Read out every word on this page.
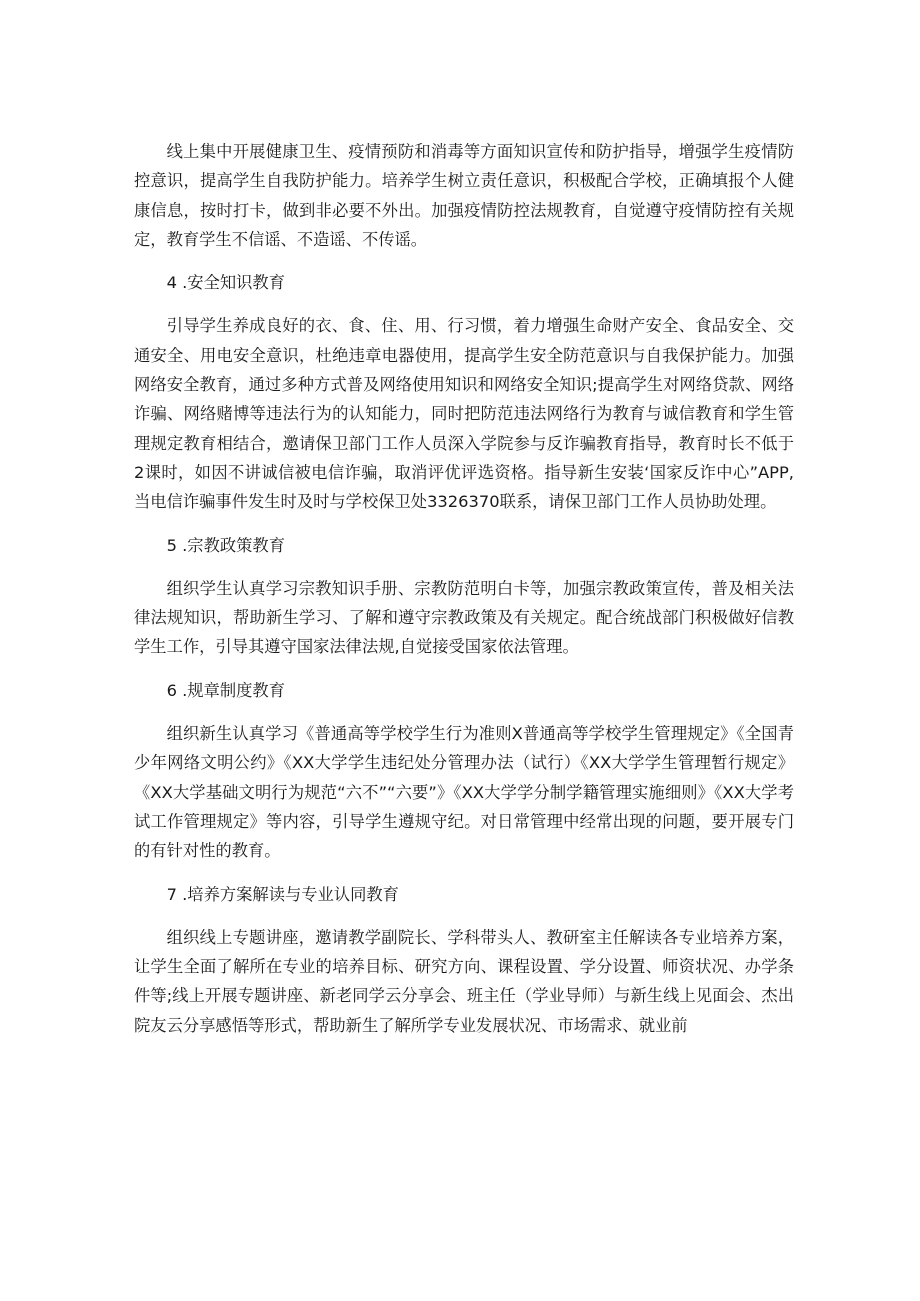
线上集中开展健康卫生、疫情预防和消毒等方面知识宣传和防护指导，增强学生疫情防控意识，提高学生自我防护能力。培养学生树立责任意识，积极配合学校，正确填报个人健康信息，按时打卡，做到非必要不外出。加强疫情防控法规教育，自觉遵守疫情防控有关规定，教育学生不信谣、不造谣、不传谣。

4 .安全知识教育

引导学生养成良好的衣、食、住、用、行习惯，着力增强生命财产安全、食品安全、交通安全、用电安全意识，杜绝违章电器使用，提高学生安全防范意识与自我保护能力。加强网络安全教育，通过多种方式普及网络使用知识和网络安全知识;提高学生对网络贷款、网络诈骗、网络赌博等违法行为的认知能力，同时把防范违法网络行为教育与诚信教育和学生管理规定教育相结合，邀请保卫部门工作人员深入学院参与反诈骗教育指导，教育时长不低于2课时，如因不讲诚信被电信诈骗，取消评优评选资格。指导新生安装‘国家反诈中心”APP,当电信诈骗事件发生时及时与学校保卫处3326370联系，请保卫部门工作人员协助处理。

5 .宗教政策教育

组织学生认真学习宗教知识手册、宗教防范明白卡等，加强宗教政策宣传，普及相关法律法规知识，帮助新生学习、了解和遵守宗教政策及有关规定。配合统战部门积极做好信教学生工作，引导其遵守国家法律法规,自觉接受国家依法管理。

6 .规章制度教育

组织新生认真学习《普通高等学校学生行为准则X普通高等学校学生管理规定》《全国青少年网络文明公约》《XX大学学生违纪处分管理办法（试行）《XX大学学生管理暂行规定》《XX大学基础文明行为规范“六不”“六要”》《XX大学学分制学籍管理实施细则》《XX大学考试工作管理规定》等内容，引导学生遵规守纪。对日常管理中经常出现的问题，要开展专门的有针对性的教育。

7 .培养方案解读与专业认同教育

组织线上专题讲座，邀请教学副院长、学科带头人、教研室主任解读各专业培养方案，让学生全面了解所在专业的培养目标、研究方向、课程设置、学分设置、师资状况、办学条件等;线上开展专题讲座、新老同学云分享会、班主任（学业导师）与新生线上见面会、杰出院友云分享感悟等形式，帮助新生了解所学专业发展状况、市场需求、就业前
